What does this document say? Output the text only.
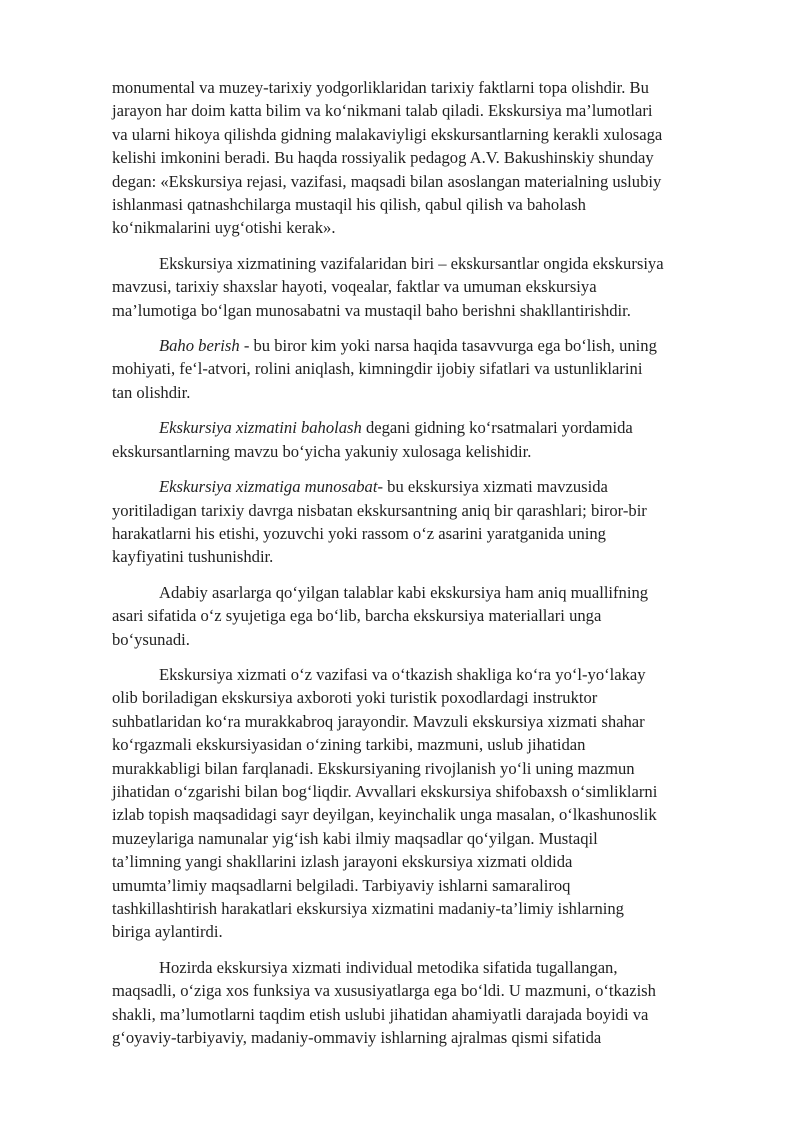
monumental va muzey-tarixiy yodgorliklaridan tarixiy faktlarni topa olishdir. Bu
jarayon har doim katta bilim va ko‘nikmani talab qiladi. Ekskursiya ma’lumotlari
va ularni hikoya qilishda gidning malakaviyligi ekskursantlarning kerakli xulosaga
kelishi imkonini beradi. Bu haqda rossiyalik pedagog A.V. Bakushinskiy shunday
degan: «Ekskursiya rejasi, vazifasi, maqsadi bilan asoslangan materialning uslubiy
ishlanmasi qatnashchilarga mustaqil his qilish, qabul qilish va baholash
ko‘nikmalarini uyg‘otishi kerak».

Ekskursiya xizmatining vazifalaridan biri – ekskursantlar ongida ekskursiya
mavzusi, tarixiy shaxslar hayoti, voqealar, faktlar va umuman ekskursiya
ma’lumotiga bo‘lgan munosabatni va mustaqil baho berishni shakllantirishdir.

Baho berish - bu biror kim yoki narsa haqida tasavvurga ega bo‘lish, uning
mohiyati, fe‘l-atvori, rolini aniqlash, kimningdir ijobiy sifatlari va ustunliklarini
tan olishdir.

Ekskursiya xizmatini baholash degani gidning ko‘rsatmalari yordamida
ekskursantlarning mavzu bo‘yicha yakuniy xulosaga kelishidir.

Ekskursiya xizmatiga munosabat- bu ekskursiya xizmati mavzusida
yoritiladigan tarixiy davrga nisbatan ekskursantning aniq bir qarashlari; biror-bir
harakatlarni his etishi, yozuvchi yoki rassom o‘z asarini yaratganida uning
kayfiyatini tushunishdir.

Adabiy asarlarga qo‘yilgan talablar kabi ekskursiya ham aniq muallifning
asari sifatida o‘z syujetiga ega bo‘lib, barcha ekskursiya materiallari unga
bo‘ysunadi.

Ekskursiya xizmati o‘z vazifasi va o‘tkazish shakliga ko‘ra yo‘l-yo‘lakay
olib boriladigan ekskursiya axboroti yoki turistik poxodlardagi instruktor
suhbatlaridan ko‘ra murakkabroq jarayondir. Mavzuli ekskursiya xizmati shahar
ko‘rgazmali ekskursiyasidan o‘zining tarkibi, mazmuni, uslub jihatidan
murakkabligi bilan farqlanadi. Ekskursiyaning rivojlanish yo‘li uning mazmun
jihatidan o‘zgarishi bilan bog‘liqdir. Avvallari ekskursiya shifobaxsh o‘simliklarni
izlab topish maqsadidagi sayr deyilgan, keyinchalik unga masalan, o‘lkashunoslik
muzeylariga namunalar yig‘ish kabi ilmiy maqsadlar qo‘yilgan. Mustaqil
ta’limning yangi shakllarini izlash jarayoni ekskursiya xizmati oldida
umumta’limiy maqsadlarni belgiladi. Tarbiyaviy ishlarni samaraliroq
tashkillashtirish harakatlari ekskursiya xizmatini madaniy-ta’limiy ishlarning
biriga aylantirdi.

Hozirda ekskursiya xizmati individual metodika sifatida tugallangan,
maqsadli, o‘ziga xos funksiya va xususiyatlarga ega bo‘ldi. U mazmuni, o‘tkazish
shakli, ma’lumotlarni taqdim etish uslubi jihatidan ahamiyatli darajada boyidi va
g‘oyaviy-tarbiyaviy, madaniy-ommaviy ishlarning ajralmas qismi sifatida
